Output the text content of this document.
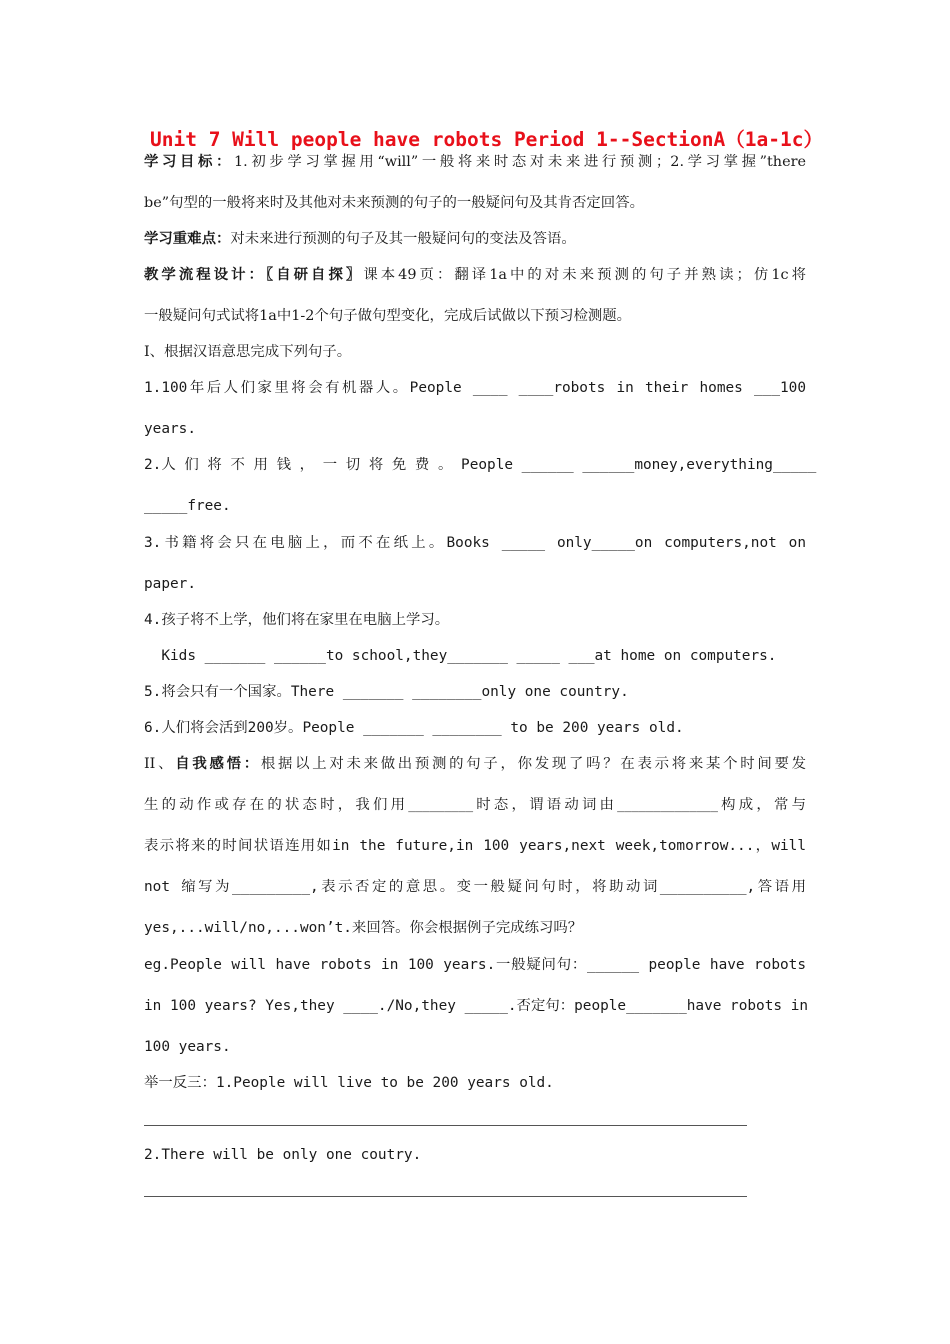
Unit 7 Will people have robots Period 1--SectionA（1a-1c）
学习目标：1.初步学习掌握用“will”一般将来时态对未来进行预测；2.学习掌握”there
be”句型的一般将来时及其他对未来预测的句子的一般疑问句及其肯否定回答。
学习重难点：对未来进行预测的句子及其一般疑问句的变法及答语。
教学流程设计：〖自研自探〗课本49页：翻译1a中的对未来预测的句子并熟读；仿1c将
一般疑问句式试将1a中1-2个句子做句型变化，完成后试做以下预习检测题。
I、根据汉语意思完成下列句子。
1.100年后人们家里将会有机器人。People ____ ____robots in their homes ___100
years.
2.人 们 将 不 用 钱 ， 一 切 将 免 费 。 People ______ ______money,everything_____
_____free.
3.书籍将会只在电脑上，而不在纸上。Books _____ only_____on computers,not on
paper.
4.孩子将不上学，他们将在家里在电脑上学习。
Kids _______ ______to school,they_______ _____ ___at home on computers.
5.将会只有一个国家。There _______ ________only one country.
6.人们将会活到200岁。People _______ ________ to be 200 years old.
II、自我感悟：根据以上对未来做出预测的句子，你发现了吗？在表示将来某个时间要发
生的动作或存在的状态时，我们用_________时态，谓语动词由______________构成，常与
表示将来的时间状语连用如in the future,in 100 years,next week,tomorrow...，will
not 缩写为_________,表示否定的意思。变一般疑问句时，将助动词__________,答语用
yes,...will/no,...won’t.来回答。你会根据例子完成练习吗？
eg.People will have robots in 100 years.一般疑问句：______ people have robots
in 100 years? Yes,they ____./No,they _____.否定句：people_______have robots in
100 years.
举一反三：1.People will live to be 200 years old.
2.There will be only one coutry.
